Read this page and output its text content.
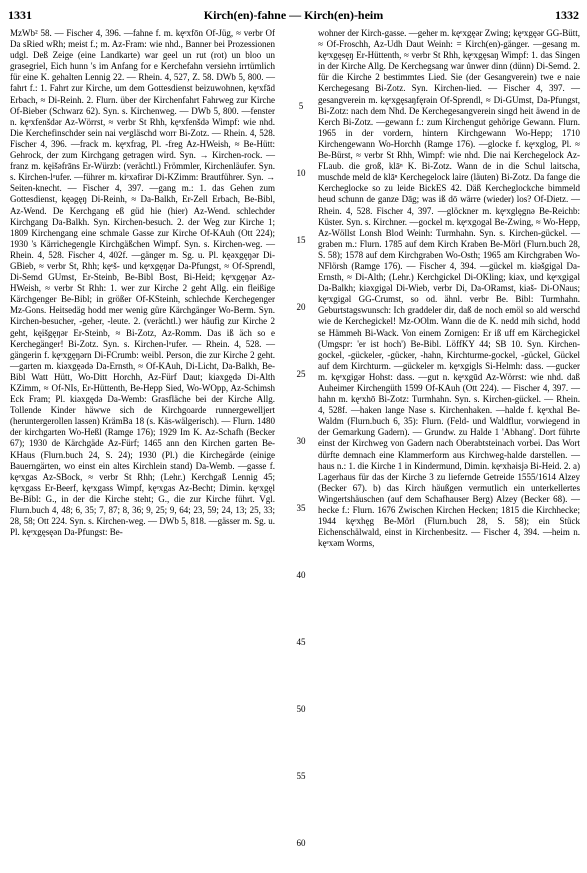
1331	Kirch(en)-fahne — Kirch(en)-heim	1332

MzWb² 58. — Fischer 4, 396. —fahne f. m. kęᵉxfōn Of-Jüg, ≈ verbr Of Da sRied wRh; meist f.; m. Az-Fram: wie nhd., Banner bei Prozessionen udgl. Deß Zeige (eine Landkarte) war geel un rut (rot) un bloo un grasegriel, Eich hunn 's im Anfang for e Kerchefahn versiehn irrtümlich für eine K. gehalten Lennig 22. — Rhein. 4, 527, Z. 58. DWb 5, 800. —fahrt f.: 1. Fahrt zur Kirche, um dem Gottesdienst beizuwohnen, kęᵉxfād Erbach, ≈ Di-Reinh. 2. Flurn. über der Kirchenfahrt Fahrweg zur Kirche Of-Bieber (Schwarz 62). Syn. s. Kirchenweg. — DWb 5, 800. —fenster n. kęᵉxfenšdǝr Az-Wörrst, ≈ verbr St Rhh, kęᵉxfenšdǝ Wimpf: wie nhd. Die Kerchefinschder sein nai veᵉgläschd worr Bi-Zotz. — Rhein. 4, 528. Fischer 4, 396. —frack m. kęᵉxfrag, Pl. -freg Az-HWeish, ≈ Be-Hütt: Gehrock, der zum Kirchgang getragen wird. Syn. → Kirchen-rock. —franz m. kęišǝfrāns Er-Würzb: (verächtl.) Frömmler, Kirchenläufer. Syn. s. Kirchen-lᵒufer. —führer m. kiᵉxǝfirǝr Di-KZimm: Brautführer. Syn. → Seiten-knecht. — Fischer 4, 397. —gang m.: 1. das Gehen zum Gottesdienst, kęǝgęŋ Di-Reinh, ≈ Da-Balkh, Er-Zell Erbach, Be-Bibl, Az-Wend. De Kerchgang eß güd hie (hier) Az-Wend. schlechder Kirchgang Da-Balkh. Syn. Kirchen-besuch. 2. der Weg zur Kirche 1; 1809 Kirchengang eine schmale Gasse zur Kirche Of-KAuh (Ott 224); 1930 's Kärrichegengle Kirchgäßchen Wimpf. Syn. s. Kirchen-weg. — Rhein. 4, 528. Fischer 4, 402f. —gänger m. Sg. u. Pl. kęǝxgęŋǝr Di-GBieb, ≈ verbr St, Rhh; kęᵉš- und kęᵉxgęŋǝr Da-Pfungst, ≈ Of-Sprendl, Di-Semd GUmst, Er-Steinb, Be-Bibl Bost, Bi-Heid; kęᵉxgęŋǝr Az-HWeish, ≈ verbr St Rhh: 1. wer zur Kirche 2 geht Allg. ein fleißige Kärchgenger Be-Bibl; in größer Of-KSteinh, schlechde Kerchegenger Mz-Gons. Heitsedäg hodd mer wenig güre Kärchgänger Wo-Berm. Syn. Kirchen-besucher, -geher, -leute. 2. (verächtl.) wer häufig zur Kirche 2 geht, kęišgęŋǝr Er-Steinb, ≈ Bi-Zotz, Az-Romm. Das iß äch so e Kerchegänger! Bi-Zotz. Syn. s. Kirchen-lᵒufer. — Rhein. 4, 528. —gängerin f. kęᵉxgęŋǝrn Di-FCrumb: weibl. Person, die zur Kirche 2 geht. —garten m. kiǝxgęǝdǝ Da-Ernsth, ≈ Of-KAuh, Di-Licht, Da-Balkh, Be-Bibl Watt Hütt, Wo-Ditt Horchh, Az-Fürf Daut; kiǝxgędǝ Di-Alth KZimm, ≈ Of-NIs, Er-Hüttenth, Be-Hepp Sied, Wo-WOpp, Az-Schimsh Eck Fram; Pl. kiǝxgędǝ Da-Wemb: Grasfläche bei der Kirche Allg. Tollende Kinder häwwe sich de Kirchgoarde runnergewelljert (heruntergerollen lassen) KrämBa 18 (s. Käs-wälgerisch). — Flurn. 1480 der kirchgarten Wo-Heßl (Ramge 176); 1929 Im K. Az-Schafh (Becker 67); 1930 de Kärchgäde Az-Fürf; 1465 ann den Kirchen garten Be-KHaus (Flurn.buch 24, S. 24); 1930 (Pl.) die Kirchegärde (einige Bauerngärten, wo einst ein altes Kirchlein stand) Da-Wemb. —gasse f. kęᵉxgas Az-SBock, ≈ verbr St Rhh; (Lehr.) Kerchgaß Lennig 45; kęᵉxgass Er-Beerf, kęᵉxgass Wimpf, kęᵉxgas Az-Becht; Dimin. kęᵉxgęl Be-Bibl: G., in der die Kirche steht; G., die zur Kirche führt. Vgl. Flurn.buch 4, 48; 6, 35; 7, 87; 8, 36; 9, 25; 9, 64; 23, 59; 24, 13; 25, 33; 28, 58; Ott 224. Syn. s. Kirchen-weg. — DWb 5, 818. —gässer m. Sg. u. Pl. kęᵉxgęsęǝn Da-Pfungst: Be-

5
10
15
20
25
30
35
40
45
50
55
60

wohner der Kirch-gasse. —geher m. kęᵉxgęǝr Zwing; kęᵉxgęǝr GG-Bütt, ≈ Of-Froschh, Az-Udh Daut Weinh: = Kirch(en)-gänger. —gesang m. kęᵉxgęsęŋ Er-Hüttenth, ≈ verbr St Rhh, kęᵉxgęsaŋ Wimpf: 1. das Singen in der Kirche Allg. De Kerchegsang war ůnwer dinn (dünn) Di-Semd. 2. für die Kirche 2 bestimmtes Lied. Sie (der Gesangverein) twe e naie Kerchegesang Bi-Zotz. Syn. Kirchen-lied. — Fischer 4, 397. —gesangverein m. kęᵉxgęsaŋfęrǝin Of-Sprendl, ≈ Di-GUmst, Da-Pfungst, Bi-Zotz: nach dem Nhd. De Kerchegesangverein singd heit äwend in de Kerch Bi-Zotz. —gewann f.: zum Kirchengut gehörige Gewann. Flurn. 1965 in der vordern, hintern Kirchgewann Wo-Hepp; 1710 Kirchengewann Wo-Horchh (Ramge 176). —glocke f. kęᵉxglog, Pl. ≈ Be-Bürst, ≈ verbr St Rhh, Wimpf: wie nhd. Die nai Kerchegelock Az-FLaub. die groß, klāⁿ K. Bi-Zotz. Wann de in die Schul laitscha, muschde meld de klāⁿ Kerchegelock laire (läuten) Bi-Zotz. Da fange die Kercheglocke so zu leide BickES 42. Däß Kercheglockche bimmeld heud schunn de ganze Dāg; was iß dō wärre (wieder) los? Of-Dietz. — Rhein. 4, 528. Fischer 4, 397. —glöckner m. kęᵉxglęgnǝ Be-Reichb: Küster. Syn. s. Kirchner. —gockel m. kęᵉxgogǝl Be-Zwing, ≈ Wo-Hepp, Az-Wöllst Lonsh Blod Weinh: Turmhahn. Syn. s. Kirchen-gückel. —graben m.: Flurn. 1785 auf dem Kirch Kraben Be-Mörl (Flurn.buch 28, S. 58); 1578 auf dem Kirchgraben Wo-Osth; 1965 am Kirchgraben Wo-NFlörsh (Ramge 176). — Fischer 4, 394. —gückel m. kiǝšgigǝl Da-Ernsth, ≈ Di-Alth; (Lehr.) Kerchgickel Di-OKling; kiǝx, und kęᵉxgigǝl Da-Balkh; kiǝxgigǝl Di-Wieb, verbr Di, Da-ORamst, kiǝš- Di-ONaus; kęᵉxgigǝl GG-Crumst, so od. ähnl. verbr Be. Bibl: Turmhahn. Geburtstagswunsch: Ich graddeler dir, daß de noch emöl so ald werschd wie de Kerchegickel! Mz-OOlm. Wann die de K. nedd mih sichd, hodd se Hämmeh Bi-Wack. Von einem Zornigen: Er iß uff em Kärchegickel (Umgspr: 'er ist hoch') Be-Bibl. LöffKY 44; SB 10. Syn. Kirchen-gockel, -gückeler, -gücker, -hahn, Kirchturme-gockel, -gückel, Gückel auf dem Kirchturm. —gückeler m. kęᵉxgigls Si-Helmh: dass. —gucker m. kęᵉxgigǝr Hohst: dass. —gut n. kęᵉxgūd Az-Wörrst: wie nhd. daß Auheimer Kirchengüth 1599 Of-KAuh (Ott 224). — Fischer 4, 397. —hahn m. kęᵉxhō Bi-Zotz: Turmhahn. Syn. s. Kirchen-gückel. — Rhein. 4, 528f. —haken lange Nase s. Kirchenhaken. —halde f. kęᵉxhal Be-Waldm (Flurn.buch 6, 35): Flurn. (Feld- und Waldflur, vorwiegend in der Gemarkung Gadern). — Grundw. zu Halde 1 'Abhang'. Dort führte einst der Kirchweg von Gadern nach Oberabtsteinach vorbei. Das Wort dürfte demnach eine Klammerform aus Kirchweg-halde darstellen. —haus n.: 1. die Kirche 1 in Kindermund, Dimin. kęᵉxhǝisjǝ Bi-Heid. 2. a) Lagerhaus für das der Kirche 3 zu liefernde Getreide 1555/1614 Alzey (Becker 67). b) das Kirch häußgen vermutlich ein unterkellertes Wingertshäuschen (auf dem Schafhauser Berg) Alzey (Becker 68). —hecke f.: Flurn. 1676 Zwischen Kirchen Hecken; 1815 die Kirchhecke; 1944 kęᵉxhęg Be-Mörl (Flurn.buch 28, S. 58); ein Stück Eichenschälwald, einst in Kirchenbesitz. — Fischer 4, 394. —heim n. kęᵉxǝm Worms,
